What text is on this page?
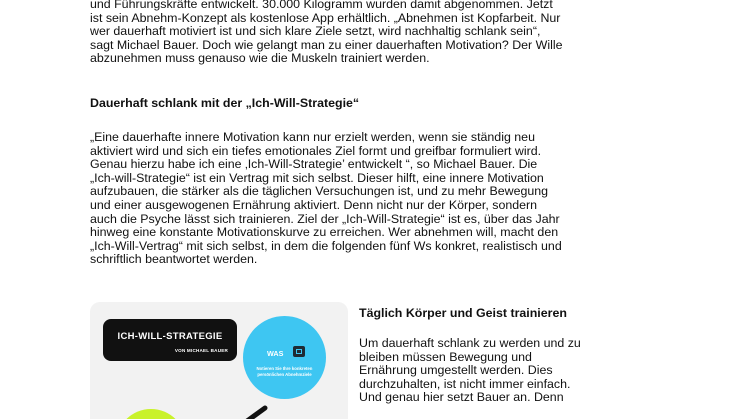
und Führungskräfte entwickelt. 30.000 Kilogramm wurden damit abgenommen. Jetzt
ist sein Abnehm-Konzept als kostenlose App erhältlich. „Abnehmen ist Kopfarbeit. Nur
wer dauerhaft motiviert ist und sich klare Ziele setzt, wird nachhaltig schlank sein“,
sagt Michael Bauer. Doch wie gelangt man zu einer dauerhaften Motivation? Der Wille
abzunehmen muss genauso wie die Muskeln trainiert werden.
Dauerhaft schlank mit der „Ich-Will-Strategie“
„Eine dauerhafte innere Motivation kann nur erzielt werden, wenn sie ständig neu
aktiviert wird und sich ein tiefes emotionales Ziel formt und greifbar formuliert wird.
Genau hierzu habe ich eine ‚Ich-Will-Strategie’ entwickelt “, so Michael Bauer. Die
„Ich-will-Strategie“ ist ein Vertrag mit sich selbst. Dieser hilft, eine innere Motivation
aufzubauen, die stärker als die täglichen Versuchungen ist, und zu mehr Bewegung
und einer ausgewogenen Ernährung aktiviert. Denn nicht nur der Körper, sondern
auch die Psyche lässt sich trainieren. Ziel der „Ich-Will-Strategie“ ist es, über das Jahr
hinweg eine konstante Motivationskurve zu erreichen. Wer abnehmen will, macht den
„Ich-Will-Vertrag“ mit sich selbst, in dem die folgenden fünf Ws konkret, realistisch und
schriftlich beantwortet werden.
ICH-WILL-STRATEGIE
VON MICHAEL BAUER	WAS
Notieren Sie Ihre konkreten persönlichen Abnehmziele
Täglich Körper und Geist trainieren
Um dauerhaft schlank zu werden und zu
bleiben müssen Bewegung und
Ernährung umgestellt werden. Dies
durchzuhalten, ist nicht immer einfach.
Und genau hier setzt Bauer an. Denn
